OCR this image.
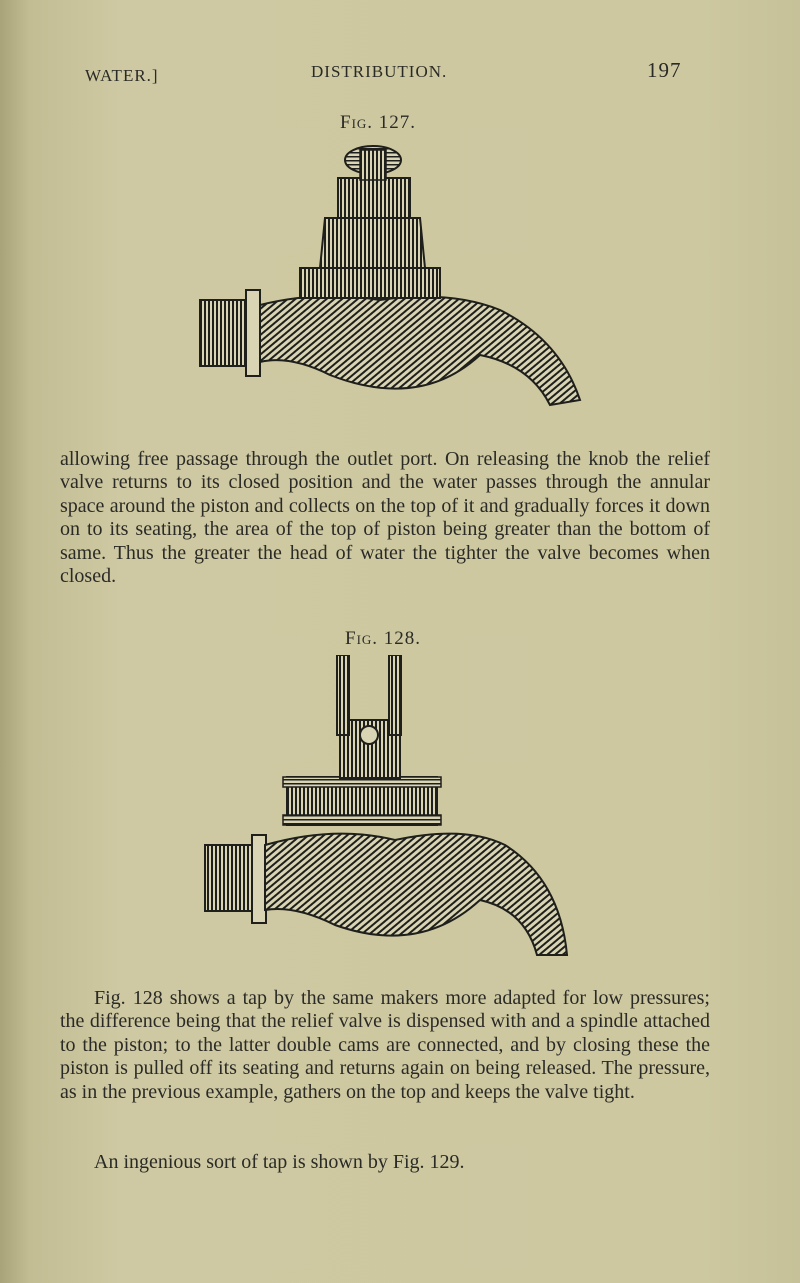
WATER.]	DISTRIBUTION.	197
Fig. 127.

allowing free passage through the outlet port. On releasing the knob the relief valve returns to its closed position and the water passes through the annular space around the piston and collects on the top of it and gradually forces it down on to its seating, the area of the top of piston being greater than the bottom of same. Thus the greater the head of water the tighter the valve becomes when closed.

Fig. 128.

Fig. 128 shows a tap by the same makers more adapted for low pressures; the difference being that the relief valve is dispensed with and a spindle attached to the piston; to the latter double cams are connected, and by closing these the piston is pulled off its seating and returns again on being released. The pressure, as in the previous example, gathers on the top and keeps the valve tight.

An ingenious sort of tap is shown by Fig. 129.
